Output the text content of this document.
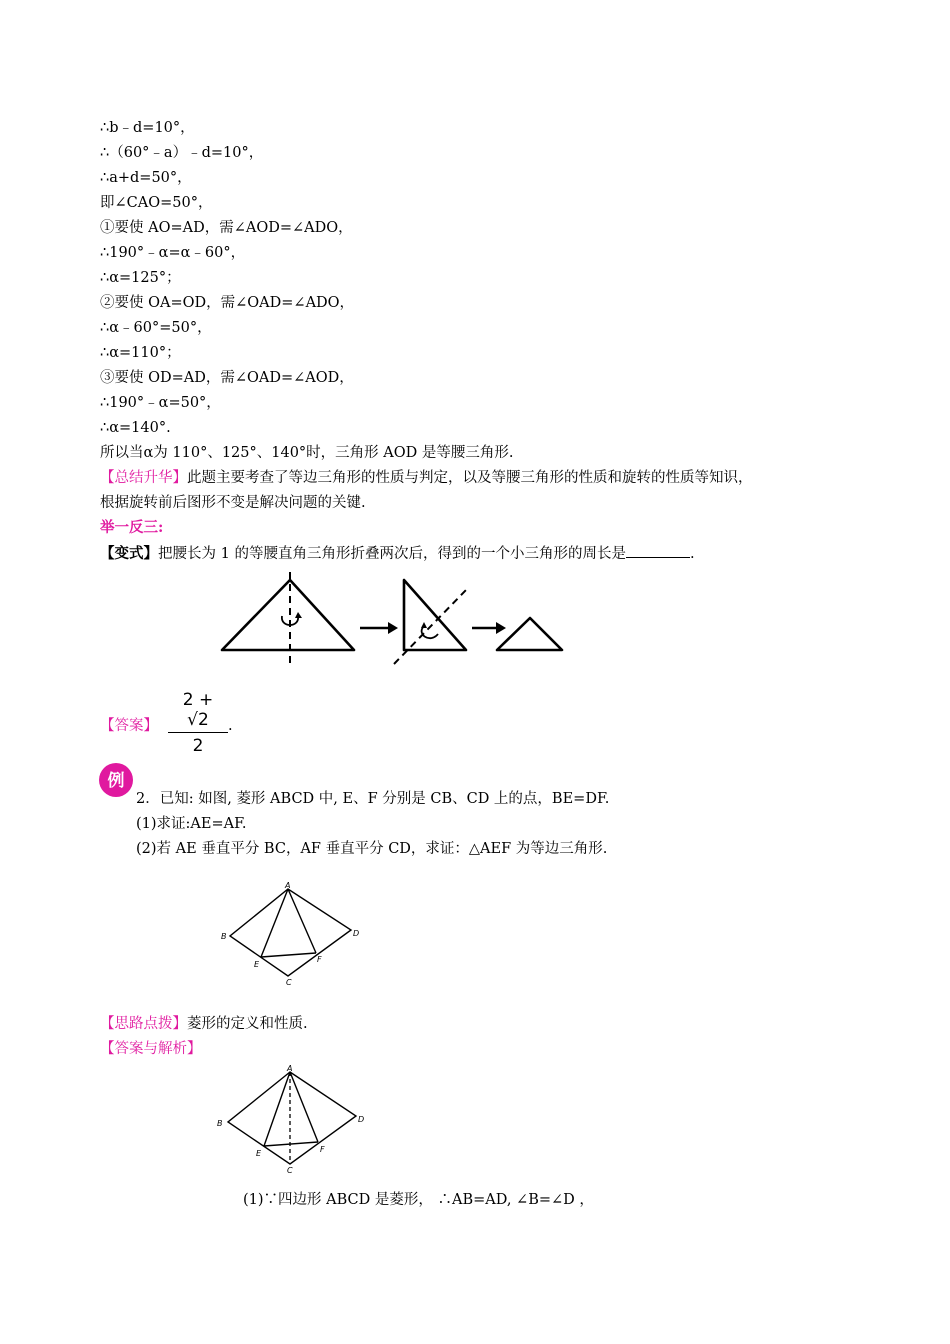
∴b﹣d=10°，
∴（60°﹣a）﹣d=10°，
∴a+d=50°，
即∠CAO=50°，
①要使 AO=AD，需∠AOD=∠ADO，
∴190°﹣α=α﹣60°，
∴α=125°；
②要使 OA=OD，需∠OAD=∠ADO，
∴α﹣60°=50°，
∴α=110°；
③要使 OD=AD，需∠OAD=∠AOD，
∴190°﹣α=50°，
∴α=140°.
所以当α为 110°、125°、140°时，三角形 AOD 是等腰三角形.
【总结升华】此题主要考查了等边三角形的性质与判定，以及等腰三角形的性质和旋转的性质等知识，
根据旋转前后图形不变是解决问题的关键.
举一反三:
【变式】把腰长为 1 的等腰直角三角形折叠两次后，得到的一个小三角形的周长是	.
【答案】 $\frac{2 + √2}{2}$ .
例
2．已知: 如图, 菱形 ABCD 中, E、F 分别是 CB、CD 上的点，BE=DF.
(1)求证:AE=AF.
(2)若 AE 垂直平分 BC，AF 垂直平分 CD，求证：△AEF 为等边三角形.
A
B
C
D
E
F
【思路点拨】菱形的定义和性质.
【答案与解析】
A
B
C
D
E	F
(1)∵四边形 ABCD 是菱形， ∴AB=AD, ∠B=∠D ，
